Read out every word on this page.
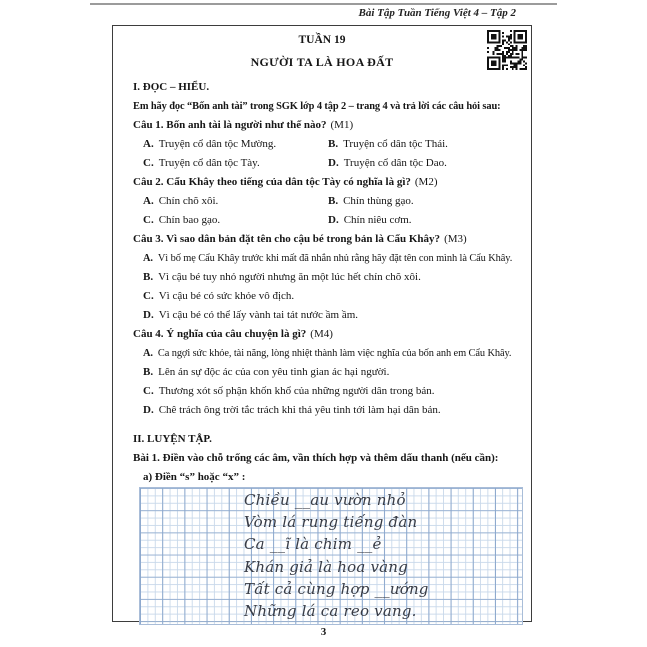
Bài Tập Tuần Tiếng Việt 4 – Tập 2
TUẦN 19
NGƯỜI TA LÀ HOA ĐẤT
I. ĐỌC – HIỂU.
Em hãy đọc “Bốn anh tài” trong SGK lớp 4 tập 2 – trang 4 và trả lời các câu hỏi sau:
Câu 1. Bốn anh tài là người như thế nào? (M1)
A. Truyện cổ dân tộc Mường.	B. Truyện cổ dân tộc Thái.
C. Truyện cổ dân tộc Tày.	D. Truyện cổ dân tộc Dao.
Câu 2. Cẩu Khây theo tiếng của dân tộc Tày có nghĩa là gì? (M2)
A. Chín chõ xôi.	B. Chín thùng gạo.
C. Chín bao gạo.	D. Chín niêu cơm.
Câu 3. Vì sao dân bản đặt tên cho cậu bé trong bản là Cẩu Khây? (M3)
A. Vì bố mẹ Cẩu Khây trước khi mất đã nhắn nhủ rằng hãy đặt tên con mình là Cẩu Khây.
B. Vì cậu bé tuy nhỏ người nhưng ăn một lúc hết chín chõ xôi.
C. Vì cậu bé có sức khỏe vô địch.
D. Vì cậu bé có thể lấy vành tai tát nước ầm ầm.
Câu 4. Ý nghĩa của câu chuyện là gì? (M4)
A. Ca ngợi sức khỏe, tài năng, lòng nhiệt thành làm việc nghĩa của bốn anh em Cẩu Khây.
B. Lên án sự độc ác của con yêu tinh gian ác hại người.
C. Thương xót số phận khốn khổ của những người dân trong bản.
D. Chê trách ông trời tắc trách khi thả yêu tinh tới làm hại dân bản.
II. LUYỆN TẬP.
Bài 1. Điền vào chỗ trống các âm, vần thích hợp và thêm dấu thanh (nếu cần):
a) Điền “s” hoặc “x” :
Chiều __au vườn nhỏ
Vòm lá rung tiếng đàn
Ca __ĩ là chim __ẻ
Khán giả là hoa vàng
Tất cả cùng hợp __ướng
Những lá ca reo vang.
3
